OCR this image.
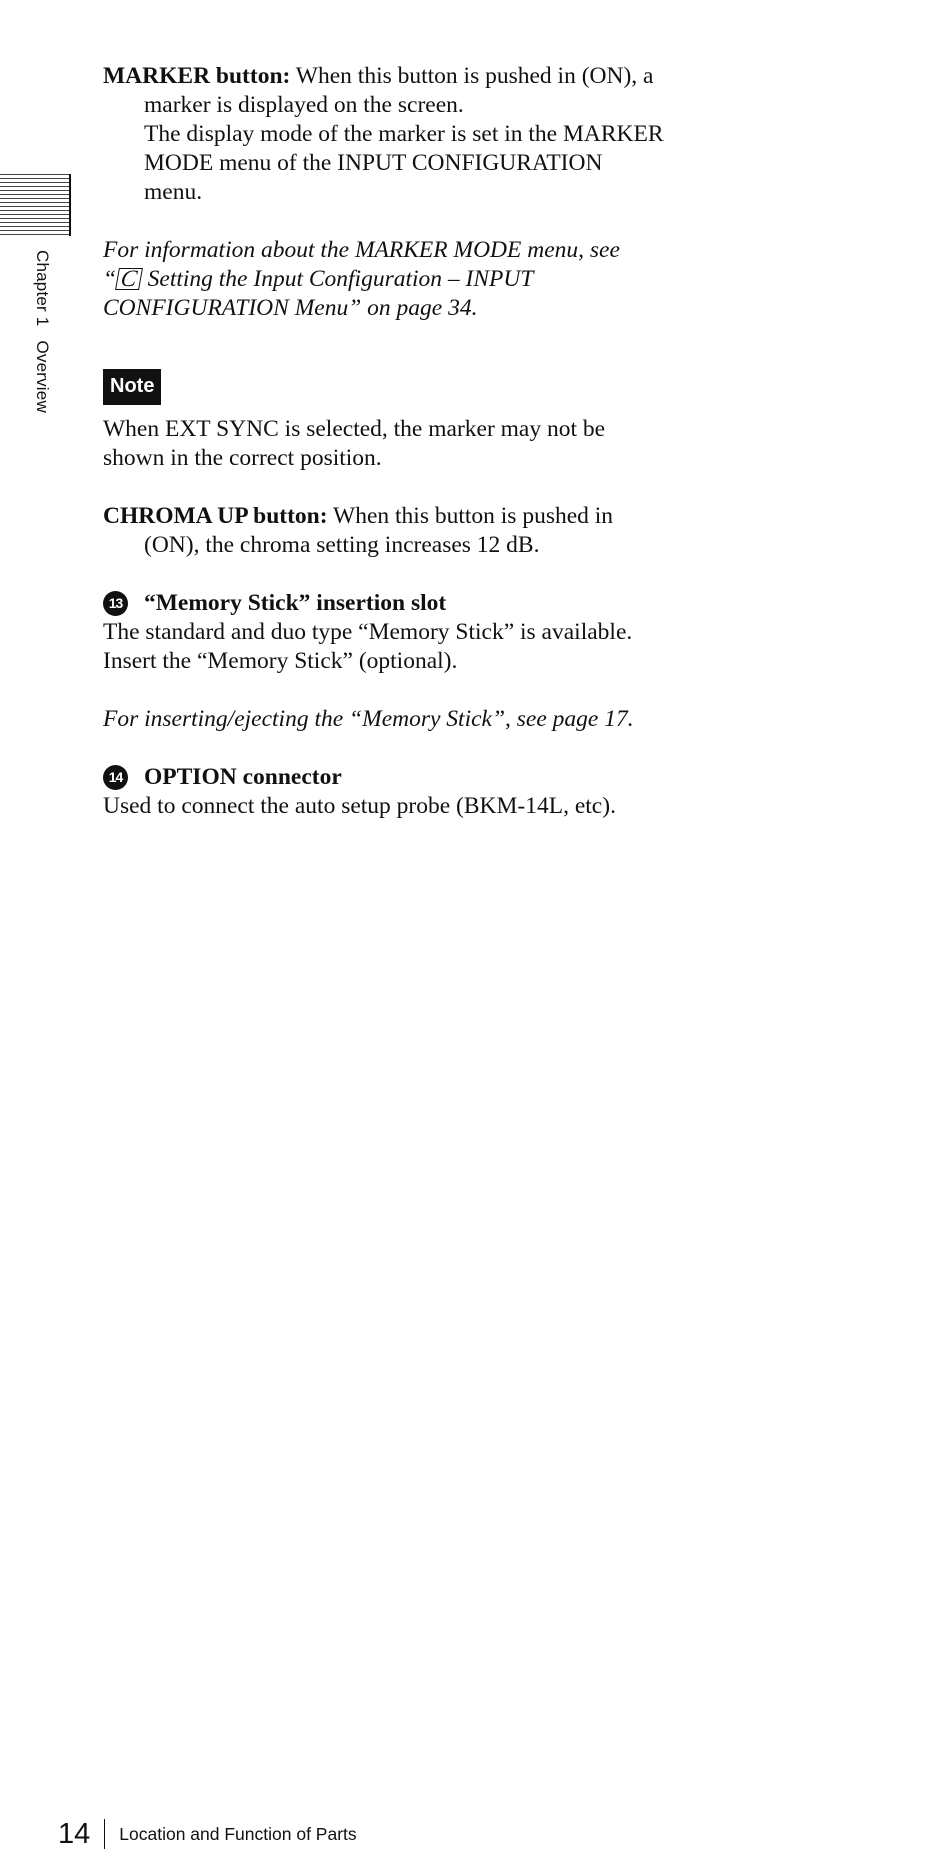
Chapter 1Overview
MARKER button: When this button is pushed in (ON), a
marker is displayed on the screen.
The display mode of the marker is set in the MARKER
MODE menu of the INPUT CONFIGURATION
menu.
For information about the MARKER MODE menu, see
“ C Setting the Input Configuration – INPUT
CONFIGURATION Menu” on page 34.
Note
When EXT SYNC is selected, the marker may not be
shown in the correct position.
CHROMA UP button: When this button is pushed in
(ON), the chroma setting increases 12 dB.
13 “Memory Stick” insertion slot
The standard and duo type “Memory Stick” is available.
Insert the “Memory Stick” (optional).
For inserting/ejecting the “Memory Stick”, see page 17.
14 OPTION connector
Used to connect the auto setup probe (BKM-14L, etc).
14 Location and Function of Parts
